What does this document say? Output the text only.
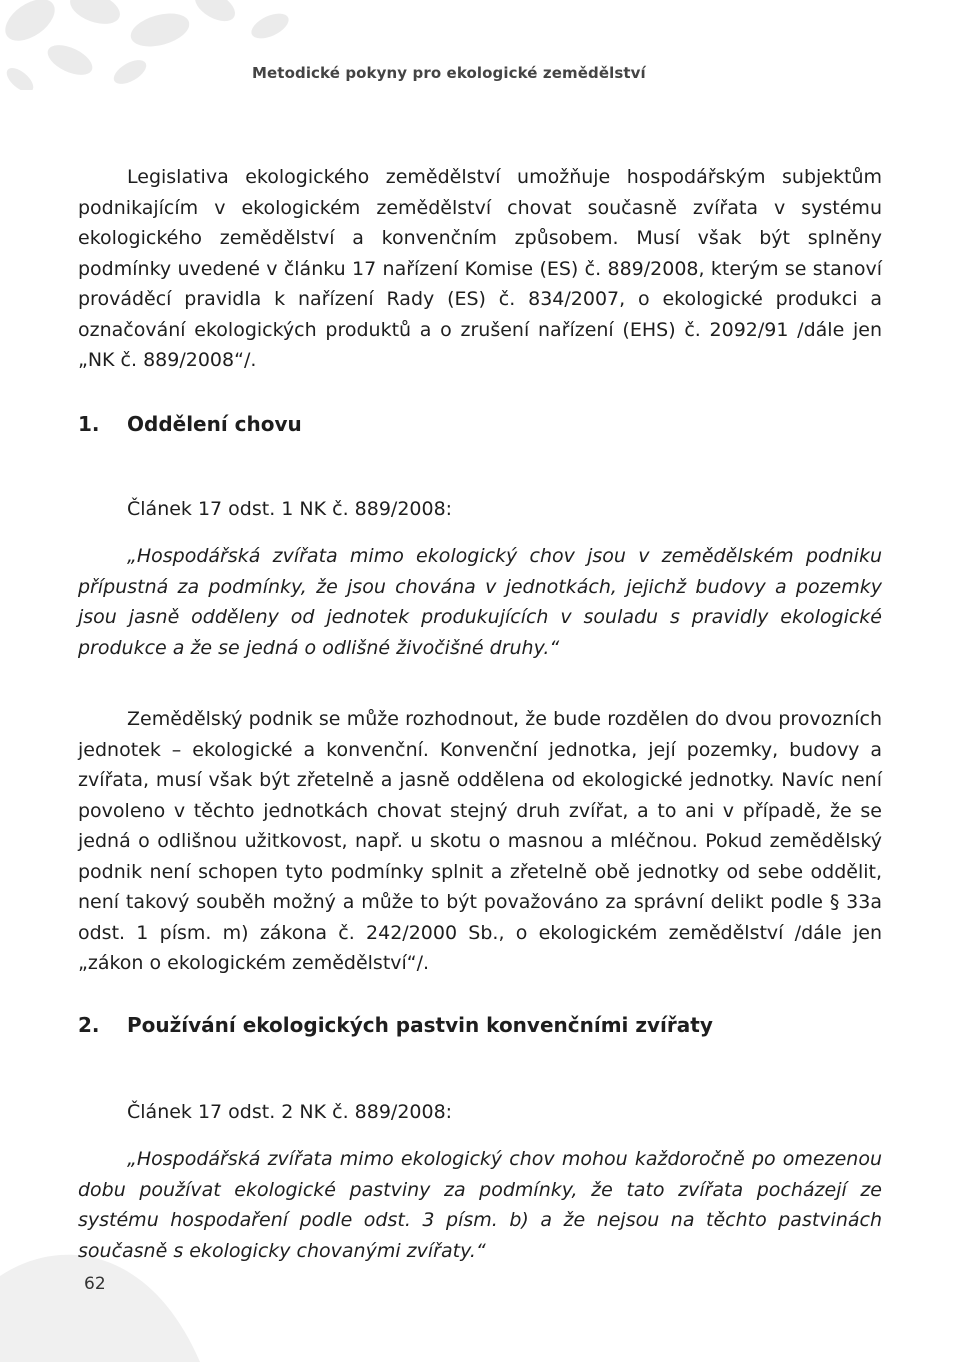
Metodické pokyny pro ekologické zemědělství

Legislativa ekologického zemědělství umožňuje hospodářským subjektům podnikajícím v ekologickém zemědělství chovat současně zvířata v systému ekologického zemědělství a konvenčním způsobem. Musí však být splněny podmínky uvedené v článku 17 nařízení Komise (ES) č. 889/2008, kterým se stanoví prováděcí pravidla k nařízení Rady (ES) č. 834/2007, o ekologické produkci a označování ekologických produktů a o zrušení nařízení (EHS) č. 2092/91 /dále jen „NK č. 889/2008“/.

1. Oddělení chovu

Článek 17 odst. 1 NK č. 889/2008:

„Hospodářská zvířata mimo ekologický chov jsou v zemědělském podniku přípustná za podmínky, že jsou chována v jednotkách, jejichž budovy a pozemky jsou jasně odděleny od jednotek produkujících v souladu s pravidly ekologické produkce a že se jedná o odlišné živočišné druhy.“

Zemědělský podnik se může rozhodnout, že bude rozdělen do dvou provozních jednotek – ekologické a konvenční. Konvenční jednotka, její pozemky, budovy a zvířata, musí však být zřetelně a jasně oddělena od ekologické jednotky. Navíc není povoleno v těchto jednotkách chovat stejný druh zvířat, a to ani v případě, že se jedná o odlišnou užitkovost, např. u skotu o masnou a mléčnou. Pokud zemědělský podnik není schopen tyto podmínky splnit a zřetelně obě jednotky od sebe oddělit, není takový souběh možný a může to být považováno za správní delikt podle § 33a odst. 1 písm. m) zákona č. 242/2000 Sb., o ekologickém zemědělství /dále jen „zákon o ekologickém zemědělství“/.

2. Používání ekologických pastvin konvenčními zvířaty

Článek 17 odst. 2 NK č. 889/2008:

„Hospodářská zvířata mimo ekologický chov mohou každoročně po omezenou dobu používat ekologické pastviny za podmínky, že tato zvířata pocházejí ze systému hospodaření podle odst. 3 písm. b) a že nejsou na těchto pastvinách současně s ekologicky chovanými zvířaty.“

62
